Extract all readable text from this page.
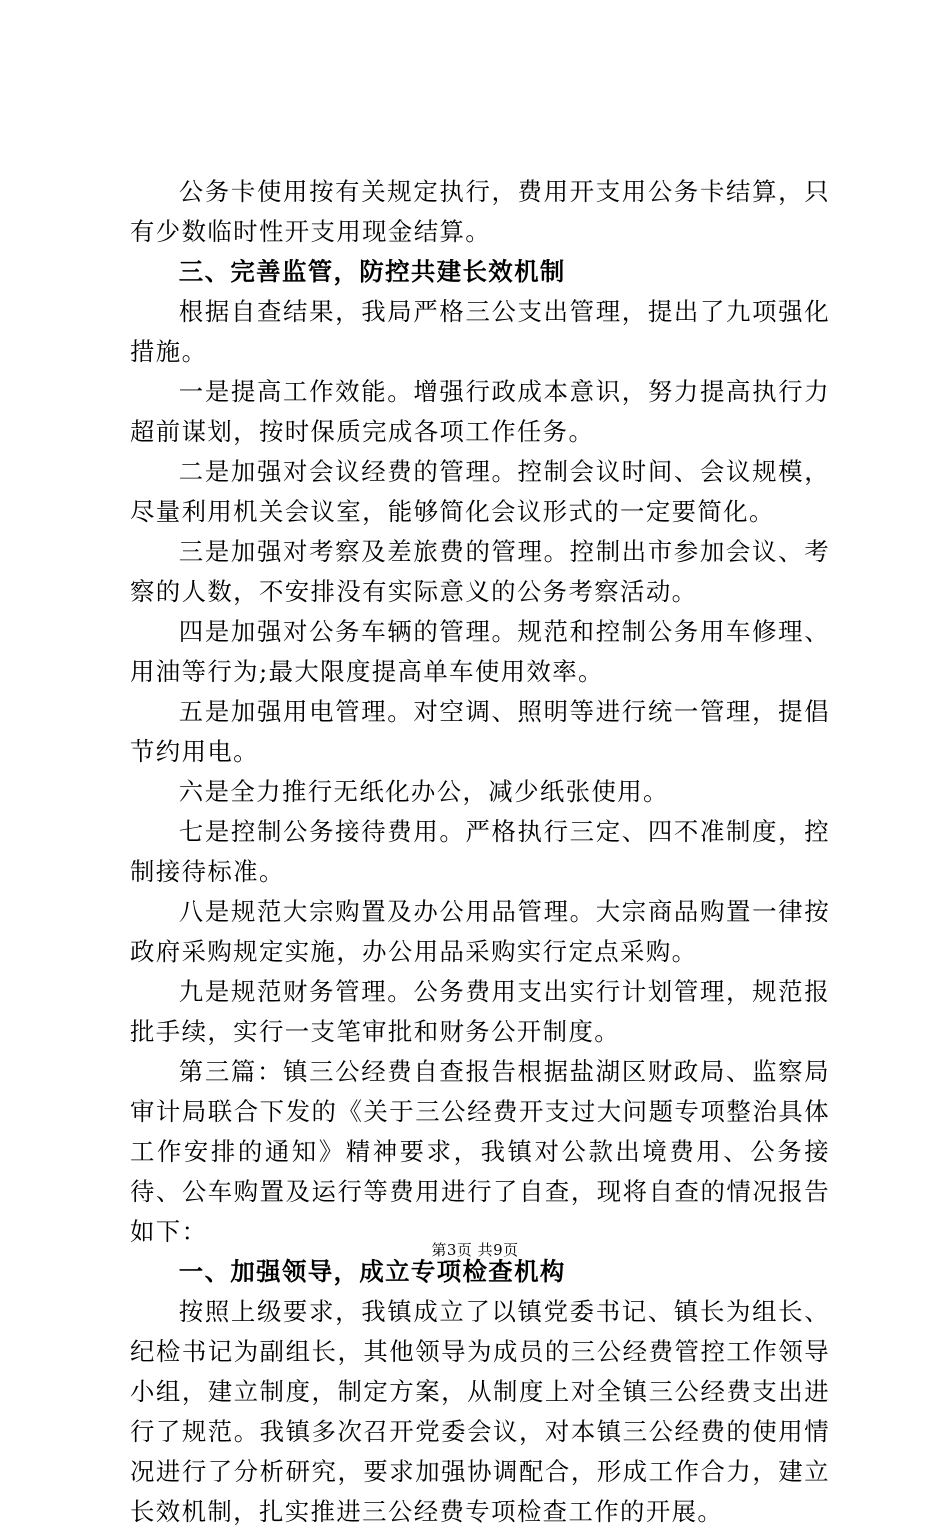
公务卡使用按有关规定执行，费用开支用公务卡结算，只有少数临时性开支用现金结算。

三、完善监管，防控共建长效机制

根据自查结果，我局严格三公支出管理，提出了九项强化措施。

一是提高工作效能。增强行政成本意识，努力提高执行力超前谋划，按时保质完成各项工作任务。

二是加强对会议经费的管理。控制会议时间、会议规模，尽量利用机关会议室，能够简化会议形式的一定要简化。

三是加强对考察及差旅费的管理。控制出市参加会议、考察的人数，不安排没有实际意义的公务考察活动。

四是加强对公务车辆的管理。规范和控制公务用车修理、用油等行为;最大限度提高单车使用效率。

五是加强用电管理。对空调、照明等进行统一管理，提倡节约用电。

六是全力推行无纸化办公，减少纸张使用。

七是控制公务接待费用。严格执行三定、四不准制度，控制接待标准。

八是规范大宗购置及办公用品管理。大宗商品购置一律按政府采购规定实施，办公用品采购实行定点采购。

九是规范财务管理。公务费用支出实行计划管理，规范报批手续，实行一支笔审批和财务公开制度。

第三篇：镇三公经费自查报告根据盐湖区财政局、监察局审计局联合下发的《关于三公经费开支过大问题专项整治具体工作安排的通知》精神要求，我镇对公款出境费用、公务接待、公车购置及运行等费用进行了自查，现将自查的情况报告如下：

一、加强领导，成立专项检查机构

按照上级要求，我镇成立了以镇党委书记、镇长为组长、纪检书记为副组长，其他领导为成员的三公经费管控工作领导小组，建立制度，制定方案，从制度上对全镇三公经费支出进行了规范。我镇多次召开党委会议，对本镇三公经费的使用情况进行了分析研究，要求加强协调配合，形成工作合力，建立长效机制，扎实推进三公经费专项检查工作的开展。

第3页 共9页
